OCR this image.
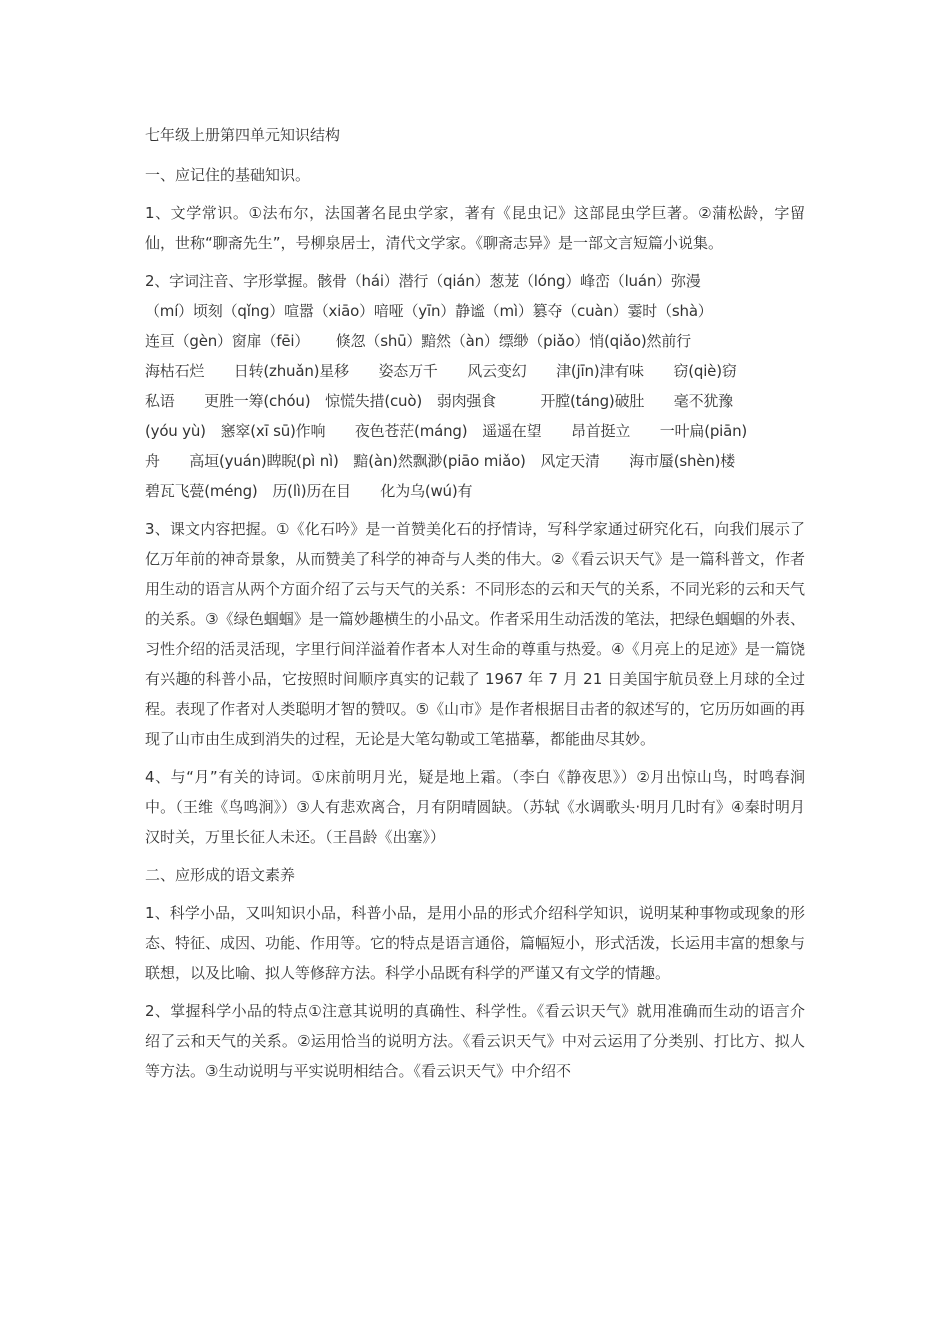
七年级上册第四单元知识结构

一、应记住的基础知识。

1、文学常识。①法布尔，法国著名昆虫学家，著有《昆虫记》这部昆虫学巨著。②蒲松龄，字留仙，世称“聊斋先生”，号柳泉居士，清代文学家。《聊斋志异》是一部文言短篇小说集。

2、字词注音、字形掌握。骸骨（hái）潜行（qián）葱茏（lóng）峰峦（luán）弥漫
（mí）顷刻（qǐng）喧嚣（xiāo）喑哑（yīn）静谧（mì）篡夺（cuàn）霎时（shà）
连亘（gèn）窗扉（fēi）　　 倏忽（shū）黯然（àn）缥缈（piǎo）悄(qiǎo)然前行
海枯石烂　　日转(zhuǎn)星移　　姿态万千　　风云变幻　　津(jīn)津有味　　窃(qiè)窃
私语　　更胜一筹(chóu)　惊慌失措(cuò)　弱肉强食　　　开膛(táng)破肚　　毫不犹豫
(yóu yù)　窸窣(xī sū)作响　　夜色苍茫(máng)　遥遥在望　　昂首挺立　　一叶扁(piān)
舟　　高垣(yuán)睥睨(pì nì)　黯(àn)然飘渺(piāo miǎo)　风定天清　　海市蜃(shèn)楼
碧瓦飞甍(méng)　历(lì)历在目　　化为乌(wú)有

3、课文内容把握。①《化石吟》是一首赞美化石的抒情诗，写科学家通过研究化石，向我们展示了亿万年前的神奇景象，从而赞美了科学的神奇与人类的伟大。②《看云识天气》是一篇科普文，作者用生动的语言从两个方面介绍了云与天气的关系：不同形态的云和天气的关系，不同光彩的云和天气的关系。③《绿色蝈蝈》是一篇妙趣横生的小品文。作者采用生动活泼的笔法，把绿色蝈蝈的外表、习性介绍的活灵活现，字里行间洋溢着作者本人对生命的尊重与热爱。④《月亮上的足迹》是一篇饶有兴趣的科普小品，它按照时间顺序真实的记载了 1967 年 7 月 21 日美国宇航员登上月球的全过程。表现了作者对人类聪明才智的赞叹。⑤《山市》是作者根据目击者的叙述写的，它历历如画的再现了山市由生成到消失的过程，无论是大笔勾勒或工笔描摹，都能曲尽其妙。

4、与“月”有关的诗词。①床前明月光，疑是地上霜。（李白《静夜思》）②月出惊山鸟，时鸣春涧中。（王维《鸟鸣涧》）③人有悲欢离合，月有阴晴圆缺。（苏轼《水调歌头·明月几时有》④秦时明月汉时关，万里长征人未还。（王昌龄《出塞》）

二、应形成的语文素养

1、科学小品，又叫知识小品，科普小品，是用小品的形式介绍科学知识，说明某种事物或现象的形态、特征、成因、功能、作用等。它的特点是语言通俗，篇幅短小，形式活泼，长运用丰富的想象与联想，以及比喻、拟人等修辞方法。科学小品既有科学的严谨又有文学的情趣。

2、掌握科学小品的特点①注意其说明的真确性、科学性。《看云识天气》就用准确而生动的语言介绍了云和天气的关系。②运用恰当的说明方法。《看云识天气》中对云运用了分类别、打比方、拟人等方法。③生动说明与平实说明相结合。《看云识天气》中介绍不
